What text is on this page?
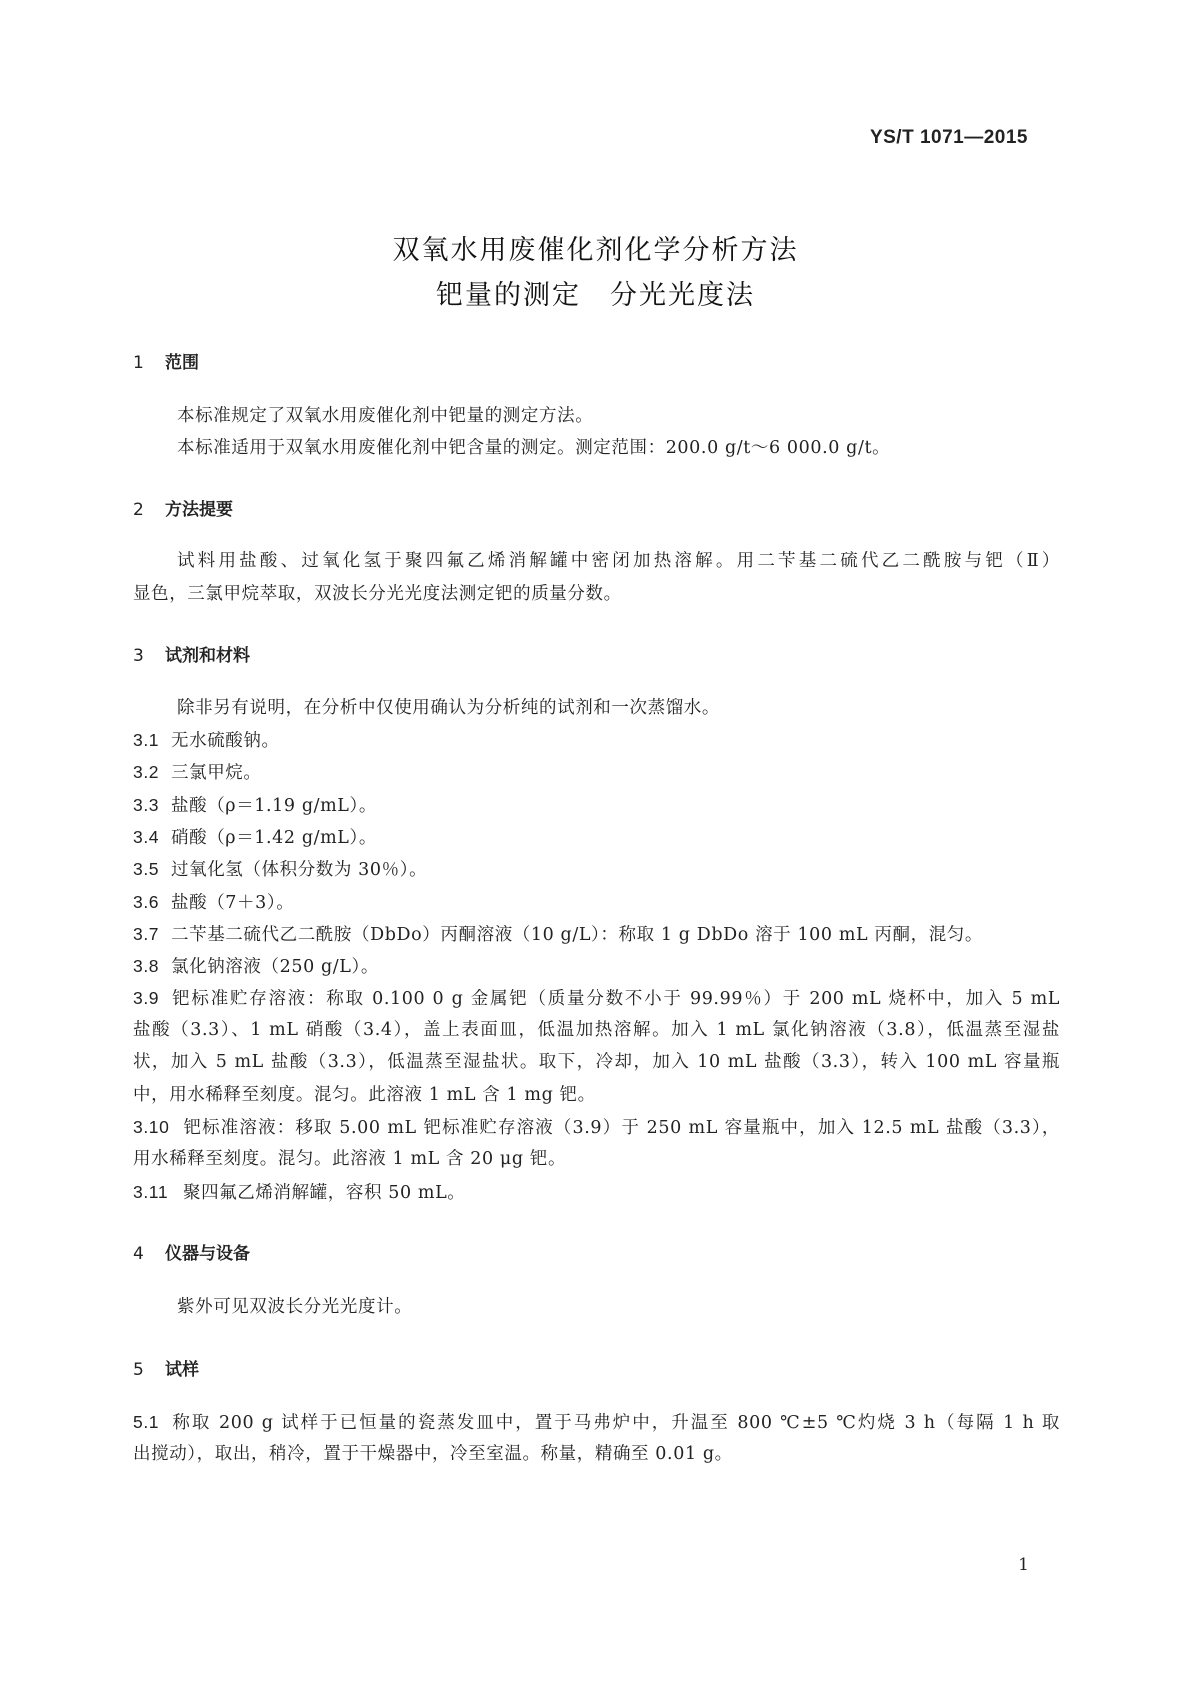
YS/T 1071—2015
双氧水用废催化剂化学分析方法
钯量的测定　分光光度法
1 范围
本标准规定了双氧水用废催化剂中钯量的测定方法。
本标准适用于双氧水用废催化剂中钯含量的测定。测定范围：200.0 g/t～6 000.0 g/t。
2 方法提要
试料用盐酸、过氧化氢于聚四氟乙烯消解罐中密闭加热溶解。用二苄基二硫代乙二酰胺与钯（Ⅱ）
显色，三氯甲烷萃取，双波长分光光度法测定钯的质量分数。
3 试剂和材料
除非另有说明，在分析中仅使用确认为分析纯的试剂和一次蒸馏水。
3.1 无水硫酸钠。
3.2 三氯甲烷。
3.3 盐酸（ρ＝1.19 g/mL）。
3.4 硝酸（ρ＝1.42 g/mL）。
3.5 过氧化氢（体积分数为 30％）。
3.6 盐酸（7＋3）。
3.7 二苄基二硫代乙二酰胺（DbDo）丙酮溶液（10 g/L）：称取 1 g DbDo 溶于 100 mL 丙酮，混匀。
3.8 氯化钠溶液（250 g/L）。
3.9 钯标准贮存溶液：称取 0.100 0 g 金属钯（质量分数不小于 99.99％）于 200 mL 烧杯中，加入 5 mL
盐酸（3.3）、1 mL 硝酸（3.4），盖上表面皿，低温加热溶解。加入 1 mL 氯化钠溶液（3.8），低温蒸至湿盐
状，加入 5 mL 盐酸（3.3），低温蒸至湿盐状。取下，冷却，加入 10 mL 盐酸（3.3），转入 100 mL 容量瓶
中，用水稀释至刻度。混匀。此溶液 1 mL 含 1 mg 钯。
3.10 钯标准溶液：移取 5.00 mL 钯标准贮存溶液（3.9）于 250 mL 容量瓶中，加入 12.5 mL 盐酸（3.3），
用水稀释至刻度。混匀。此溶液 1 mL 含 20 μg 钯。
3.11 聚四氟乙烯消解罐，容积 50 mL。
4 仪器与设备
紫外可见双波长分光光度计。
5 试样
5.1 称取 200 g 试样于已恒量的瓷蒸发皿中，置于马弗炉中，升温至 800 ℃±5 ℃灼烧 3 h（每隔 1 h 取
出搅动），取出，稍冷，置于干燥器中，冷至室温。称量，精确至 0.01 g。
1
